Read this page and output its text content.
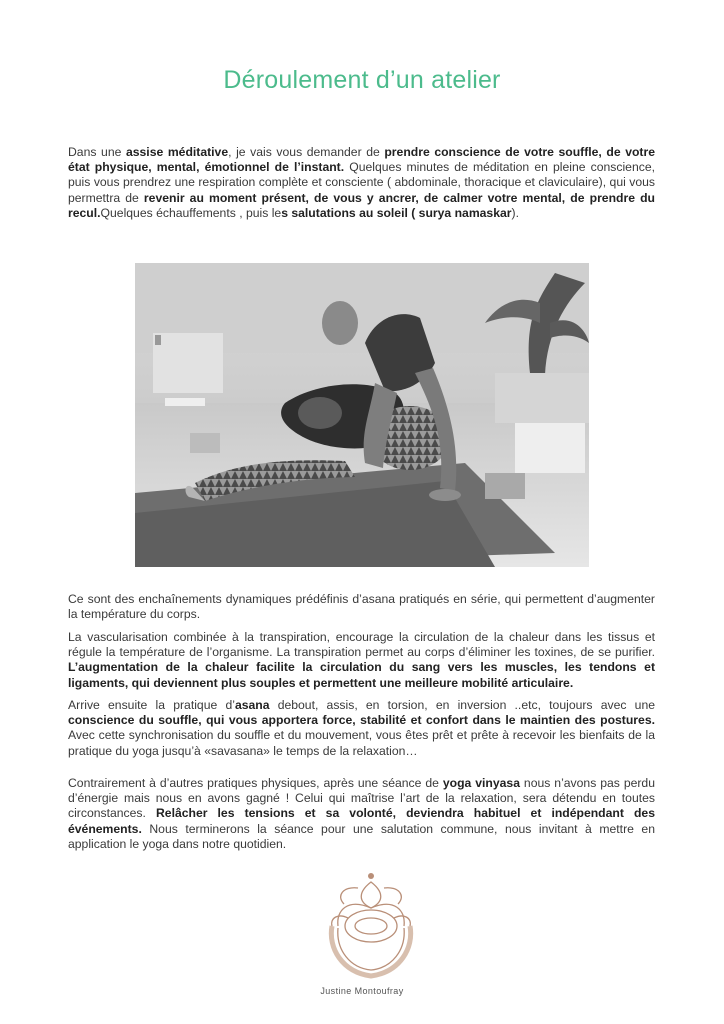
Déroulement d’un atelier

Dans une assise méditative, je vais vous demander de prendre conscience de votre souffle, de votre état physique, mental, émotionnel de l’instant. Quelques minutes de méditation en pleine conscience, puis vous prendrez une respiration complète et consciente ( abdominale, thoracique et claviculaire), qui vous permettra de revenir au moment présent, de vous y ancrer, de calmer votre mental, de prendre du recul.Quelques échauffements , puis les salutations au soleil ( surya namaskar).

Ce sont des enchaînements dynamiques prédéfinis d’asana pratiqués en série, qui permettent d’augmenter la température du corps.

La vascularisation combinée à la transpiration, encourage la circulation de la chaleur dans les tissus et régule la température de l’organisme. La transpiration permet au corps d’éliminer les toxines, de se purifier. L’augmentation de la chaleur facilite la circulation du sang vers les muscles, les tendons et ligaments, qui deviennent plus souples et permettent une meilleure mobilité articulaire.

Arrive ensuite la pratique d’asana debout, assis, en torsion, en inversion ..etc, toujours avec une conscience du souffle, qui vous apportera force, stabilité et confort dans le maintien des postures. Avec cette synchronisation du souffle et du mouvement, vous êtes prêt et prête à recevoir les bienfaits de la pratique du yoga jusqu’à «savasana» le temps de la relaxation…

Contrairement à d’autres pratiques physiques, après une séance de yoga vinyasa nous n’avons pas perdu d’énergie mais nous en avons gagné ! Celui qui maîtrise l’art de la relaxation, sera détendu en toutes circonstances. Relâcher les tensions et sa volonté, deviendra habituel et indépendant des événements. Nous terminerons la séance pour une salutation commune, nous invitant à mettre en application le yoga dans notre quotidien.

Justine Montoufray
